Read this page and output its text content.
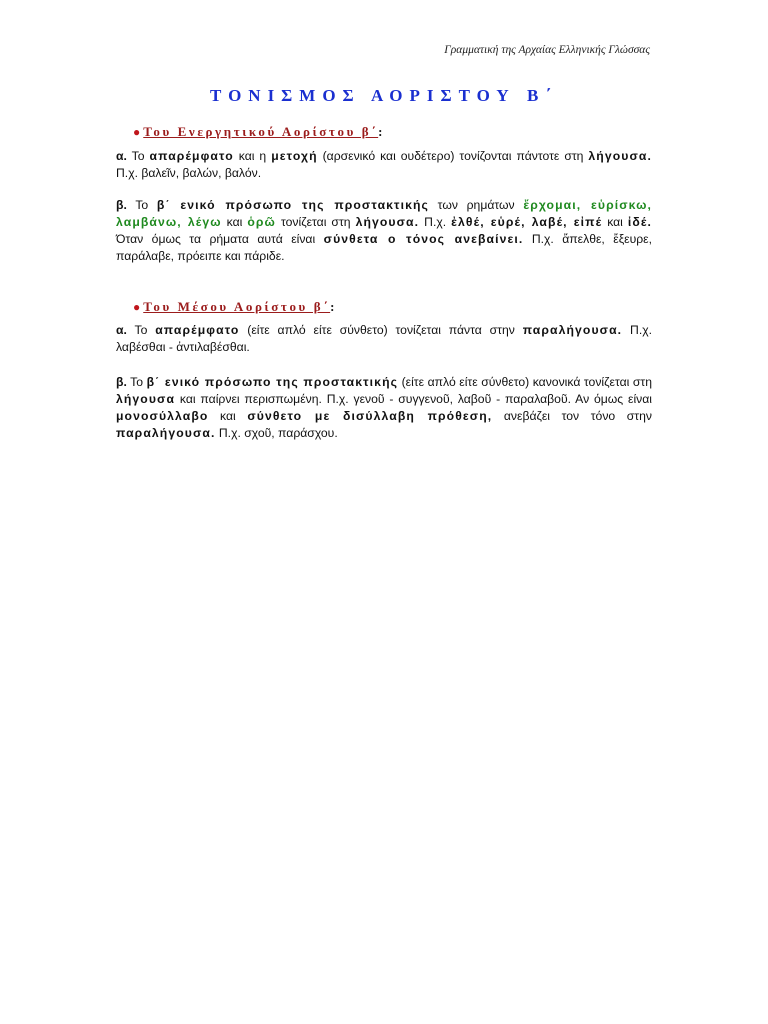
Γραμματική της Αρχαίας Ελληνικής Γλώσσας
ΤΟΝΙΣΜΟΣ ΑΟΡΙΣΤΟΥ Β΄
● Του Ενεργητικού Αορίστου β΄:

α. Το απαρέμφατο και η μετοχή (αρσενικό και ουδέτερο) τονίζονται πάντοτε στη λήγουσα. Π.χ. βαλεῖν, βαλών, βαλόν.

β. Το β΄ ενικό πρόσωπο της προστακτικής των ρημάτων ἔρχομαι, εὑρίσκω, λαμβάνω, λέγω και ὁρῶ τονίζεται στη λήγουσα. Π.χ. ἐλθέ, εὑρέ, λαβέ, εἰπέ και ἰδέ. Όταν όμως τα ρήματα αυτά είναι σύνθετα ο τόνος ανεβαίνει. Π.χ. ἄπελθε, ἔξευρε, παράλαβε, πρόειπε και πάριδε.

● Του Μέσου Αορίστου β΄:

α. Το απαρέμφατο (είτε απλό είτε σύνθετο) τονίζεται πάντα στην παραλήγουσα. Π.χ. λαβέσθαι - ἀντιλαβέσθαι.

β. Το β΄ ενικό πρόσωπο της προστακτικής (είτε απλό είτε σύνθετο) κανονικά τονίζεται στη λήγουσα και παίρνει περισπωμένη. Π.χ. γενοῦ - συγγενοῦ, λαβοῦ - παραλαβοῦ. Αν όμως είναι μονοσύλλαβο και σύνθετο με δισύλλαβη πρόθεση, ανεβάζει τον τόνο στην παραλήγουσα. Π.χ. σχοῦ, παράσχου.
